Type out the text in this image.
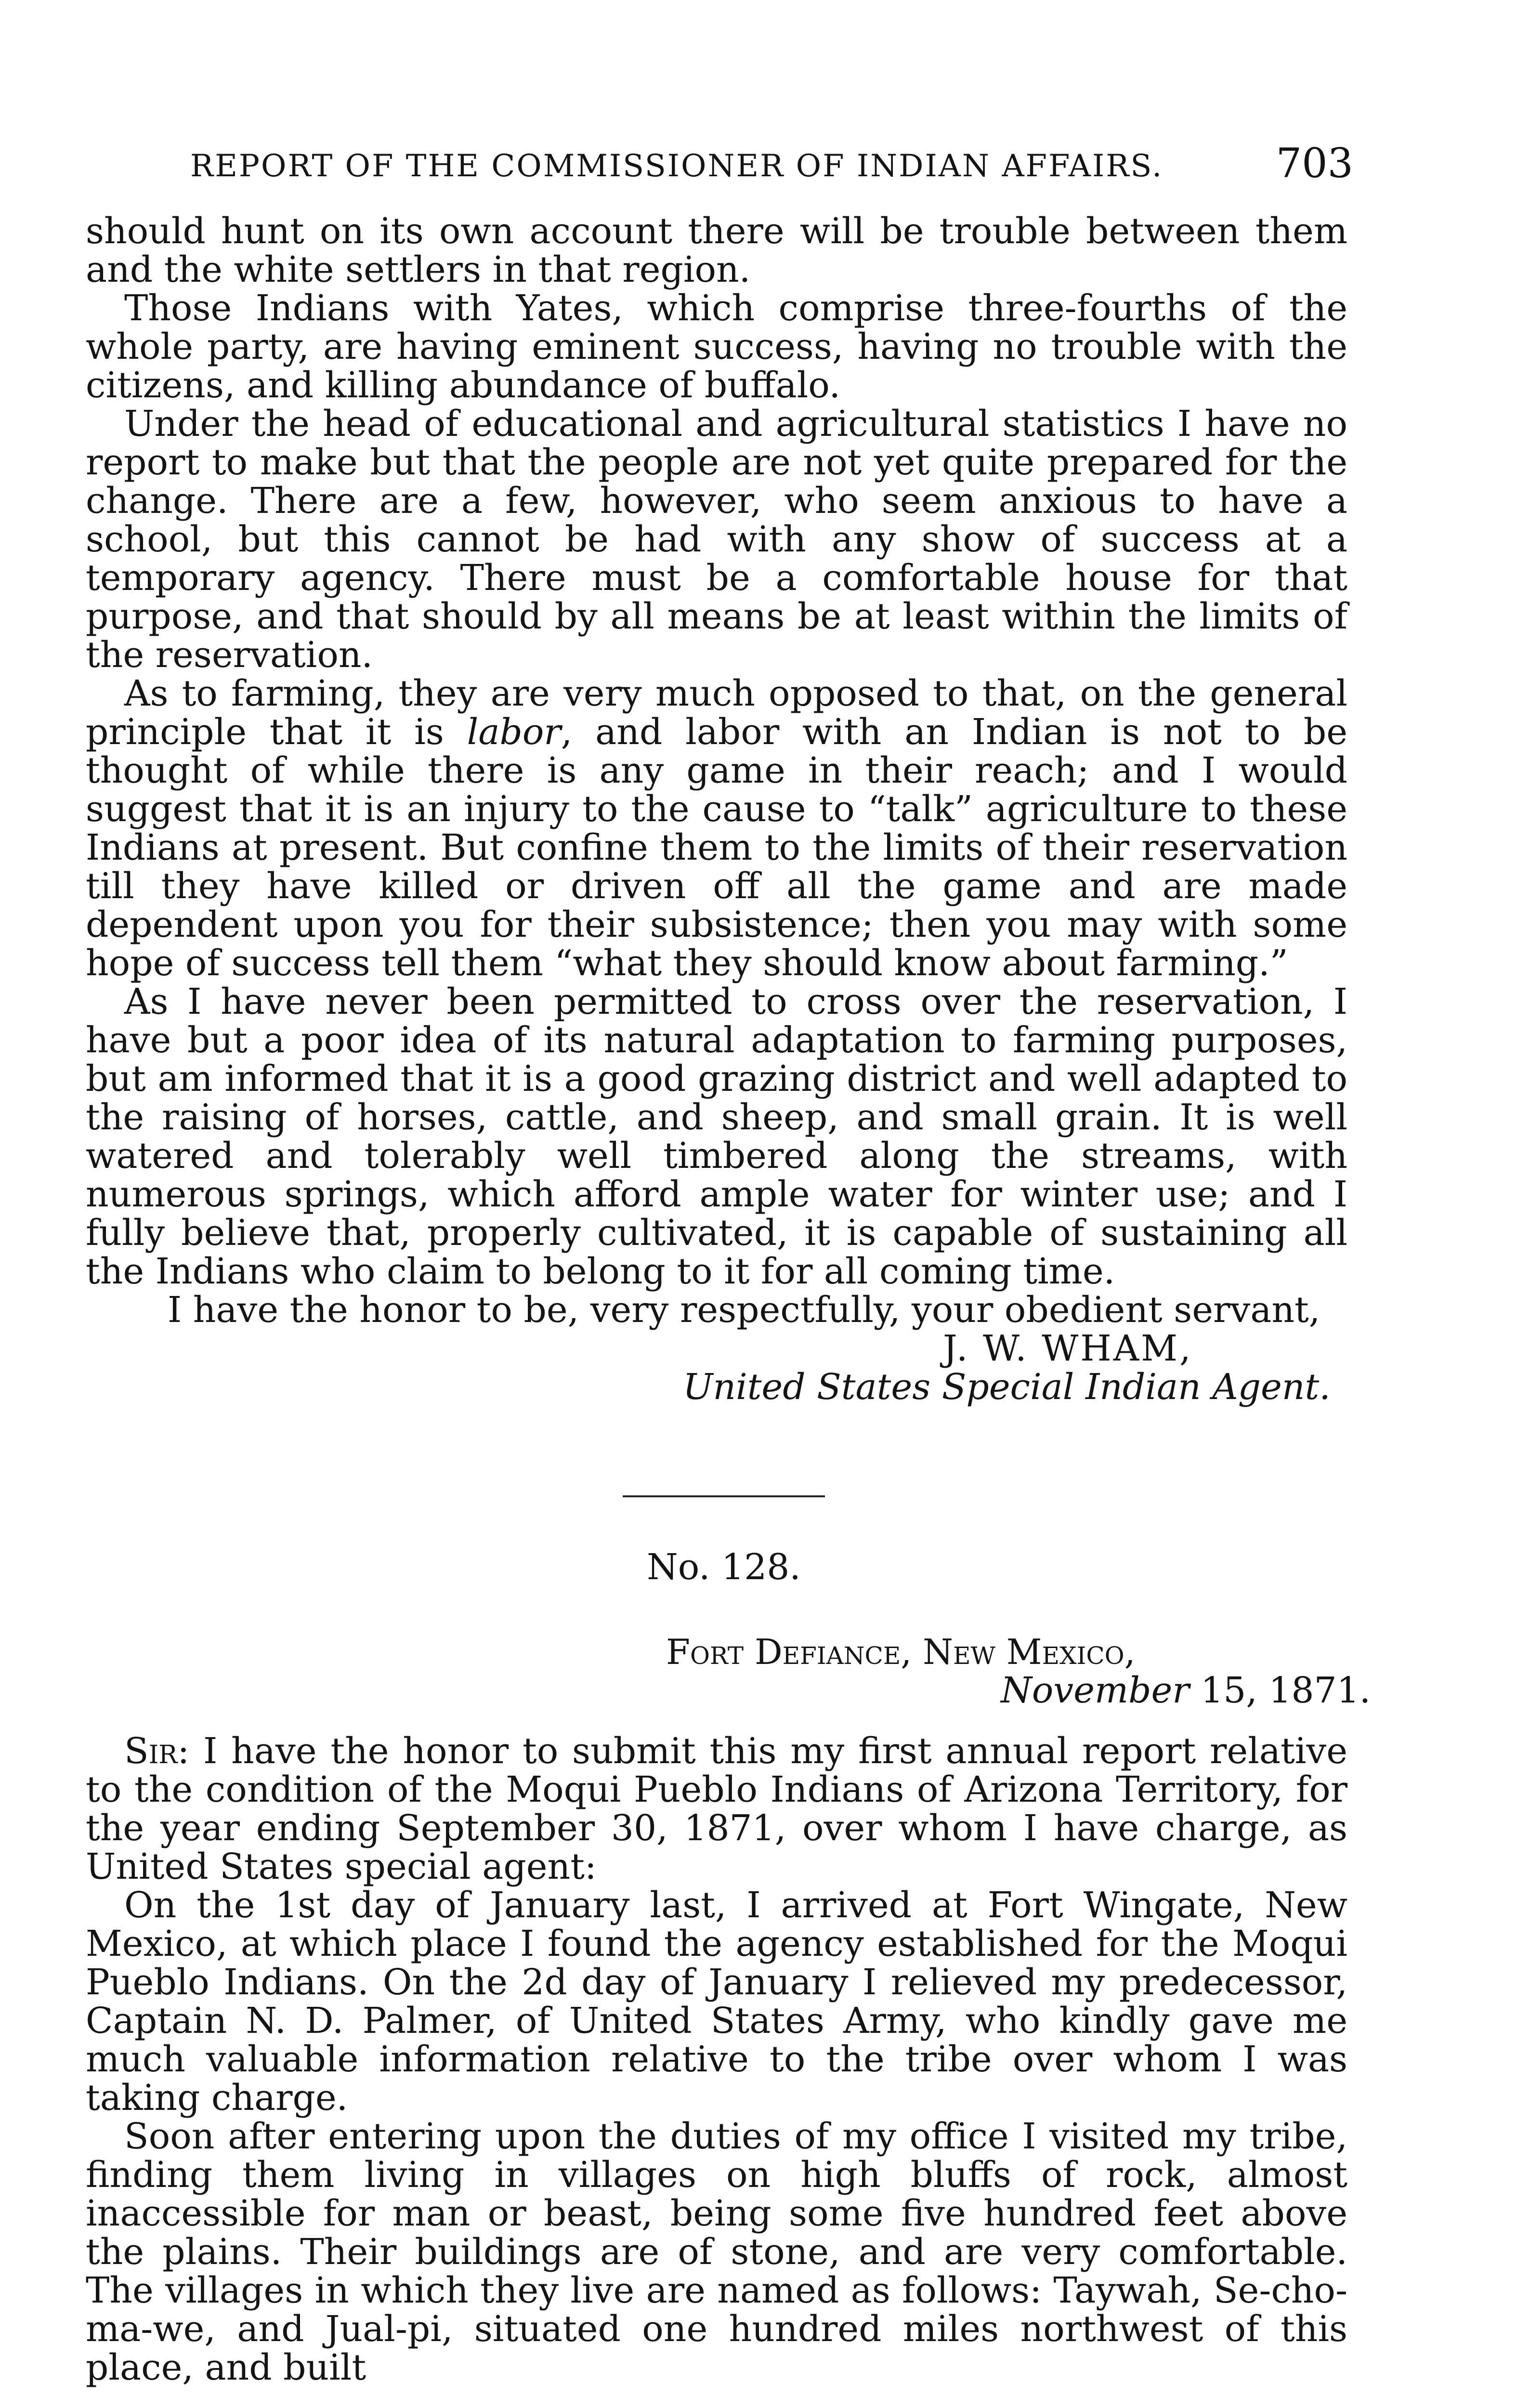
REPORT OF THE COMMISSIONER OF INDIAN AFFAIRS.	703

should hunt on its own account there will be trouble between them and the white settlers in that region.

Those Indians with Yates, which comprise three-fourths of the whole party, are having eminent success, having no trouble with the citizens, and killing abundance of buffalo.

Under the head of educational and agricultural statistics I have no report to make but that the people are not yet quite prepared for the change. There are a few, however, who seem anxious to have a school, but this cannot be had with any show of success at a temporary agency. There must be a comfortable house for that purpose, and that should by all means be at least within the limits of the reservation.

As to farming, they are very much opposed to that, on the general principle that it is labor, and labor with an Indian is not to be thought of while there is any game in their reach; and I would suggest that it is an injury to the cause to “talk” agriculture to these Indians at present. But confine them to the limits of their reservation till they have killed or driven off all the game and are made dependent upon you for their subsistence; then you may with some hope of success tell them “what they should know about farming.”

As I have never been permitted to cross over the reservation, I have but a poor idea of its natural adaptation to farming purposes, but am informed that it is a good grazing district and well adapted to the raising of horses, cattle, and sheep, and small grain. It is well watered and tolerably well timbered along the streams, with numerous springs, which afford ample water for winter use; and I fully believe that, properly cultivated, it is capable of sustaining all the Indians who claim to belong to it for all coming time.

I have the honor to be, very respectfully, your obedient servant,
J. W. WHAM,
United States Special Indian Agent.
No. 128.
Fort Defiance, New Mexico,
November 15, 1871.

Sir: I have the honor to submit this my first annual report relative to the condition of the Moqui Pueblo Indians of Arizona Territory, for the year ending September 30, 1871, over whom I have charge, as United States special agent:

On the 1st day of January last, I arrived at Fort Wingate, New Mexico, at which place I found the agency established for the Moqui Pueblo Indians. On the 2d day of January I relieved my predecessor, Captain N. D. Palmer, of United States Army, who kindly gave me much valuable information relative to the tribe over whom I was taking charge.

Soon after entering upon the duties of my office I visited my tribe, finding them living in villages on high bluffs of rock, almost inaccessible for man or beast, being some five hundred feet above the plains. Their buildings are of stone, and are very comfortable. The villages in which they live are named as follows: Taywah, Se-cho-ma-we, and Jual-pi, situated one hundred miles northwest of this place, and built
